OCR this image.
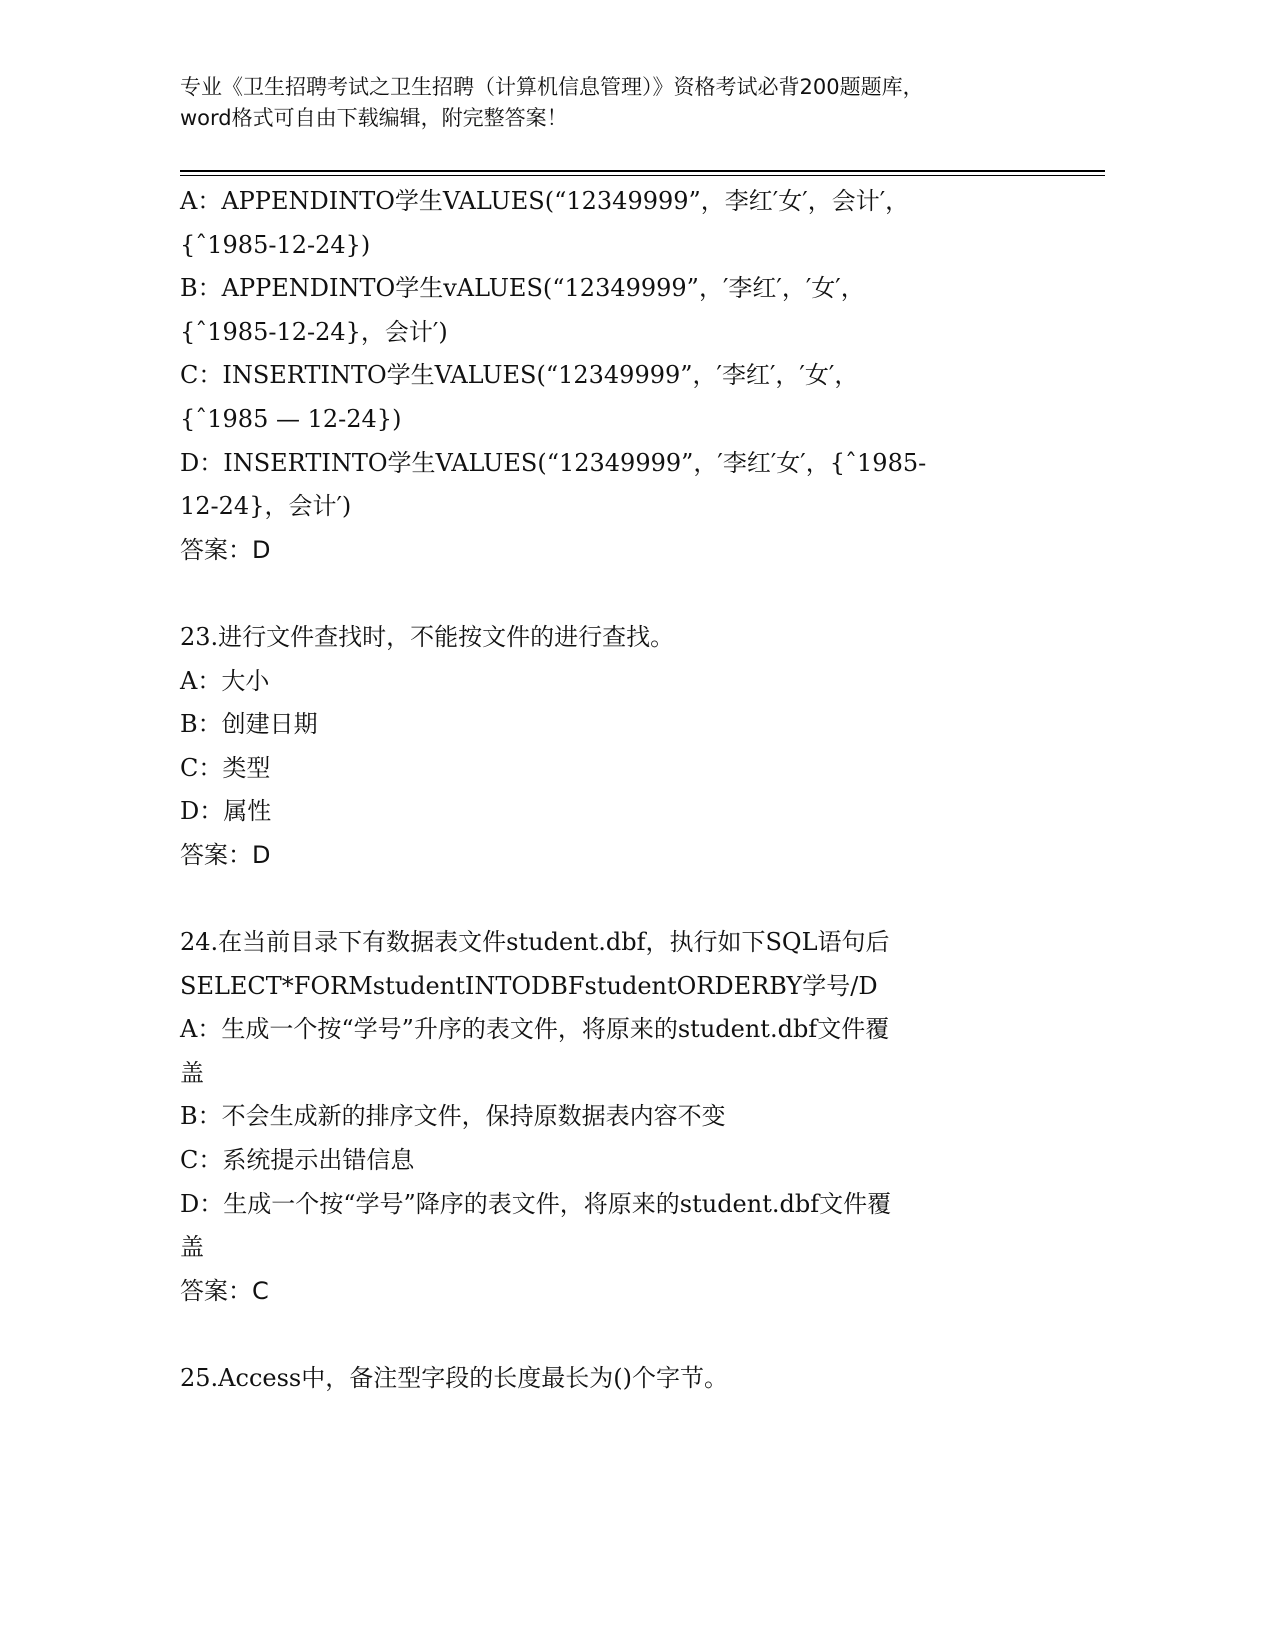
专业《卫生招聘考试之卫生招聘（计算机信息管理）》资格考试必背200题题库，
word格式可自由下载编辑，附完整答案！
A：APPENDINTO学生VALUES(“12349999”，李红′女′，会计′，
{ˆ1985-12-24})
B：APPENDINTO学生vALUES(“12349999”，′李红′，′女′，
{ˆ1985-12-24}，会计′)
C：INSERTINTO学生VALUES(“12349999”，′李红′，′女′，
{ˆ1985 — 12-24})
D：INSERTINTO学生VALUES(“12349999”，′李红′女′，{ˆ1985-
12-24}，会计′)
答案：D
23.进行文件查找时，不能按文件的进行查找。
A：大小
B：创建日期
C：类型
D：属性
答案：D
24.在当前目录下有数据表文件student.dbf，执行如下SQL语句后
SELECT*FORMstudentINTODBFstudentORDERBY学号/D
A：生成一个按“学号”升序的表文件，将原来的student.dbf文件覆
盖
B：不会生成新的排序文件，保持原数据表内容不变
C：系统提示出错信息
D：生成一个按“学号”降序的表文件，将原来的student.dbf文件覆
盖
答案：C
25.Access中，备注型字段的长度最长为()个字节。
